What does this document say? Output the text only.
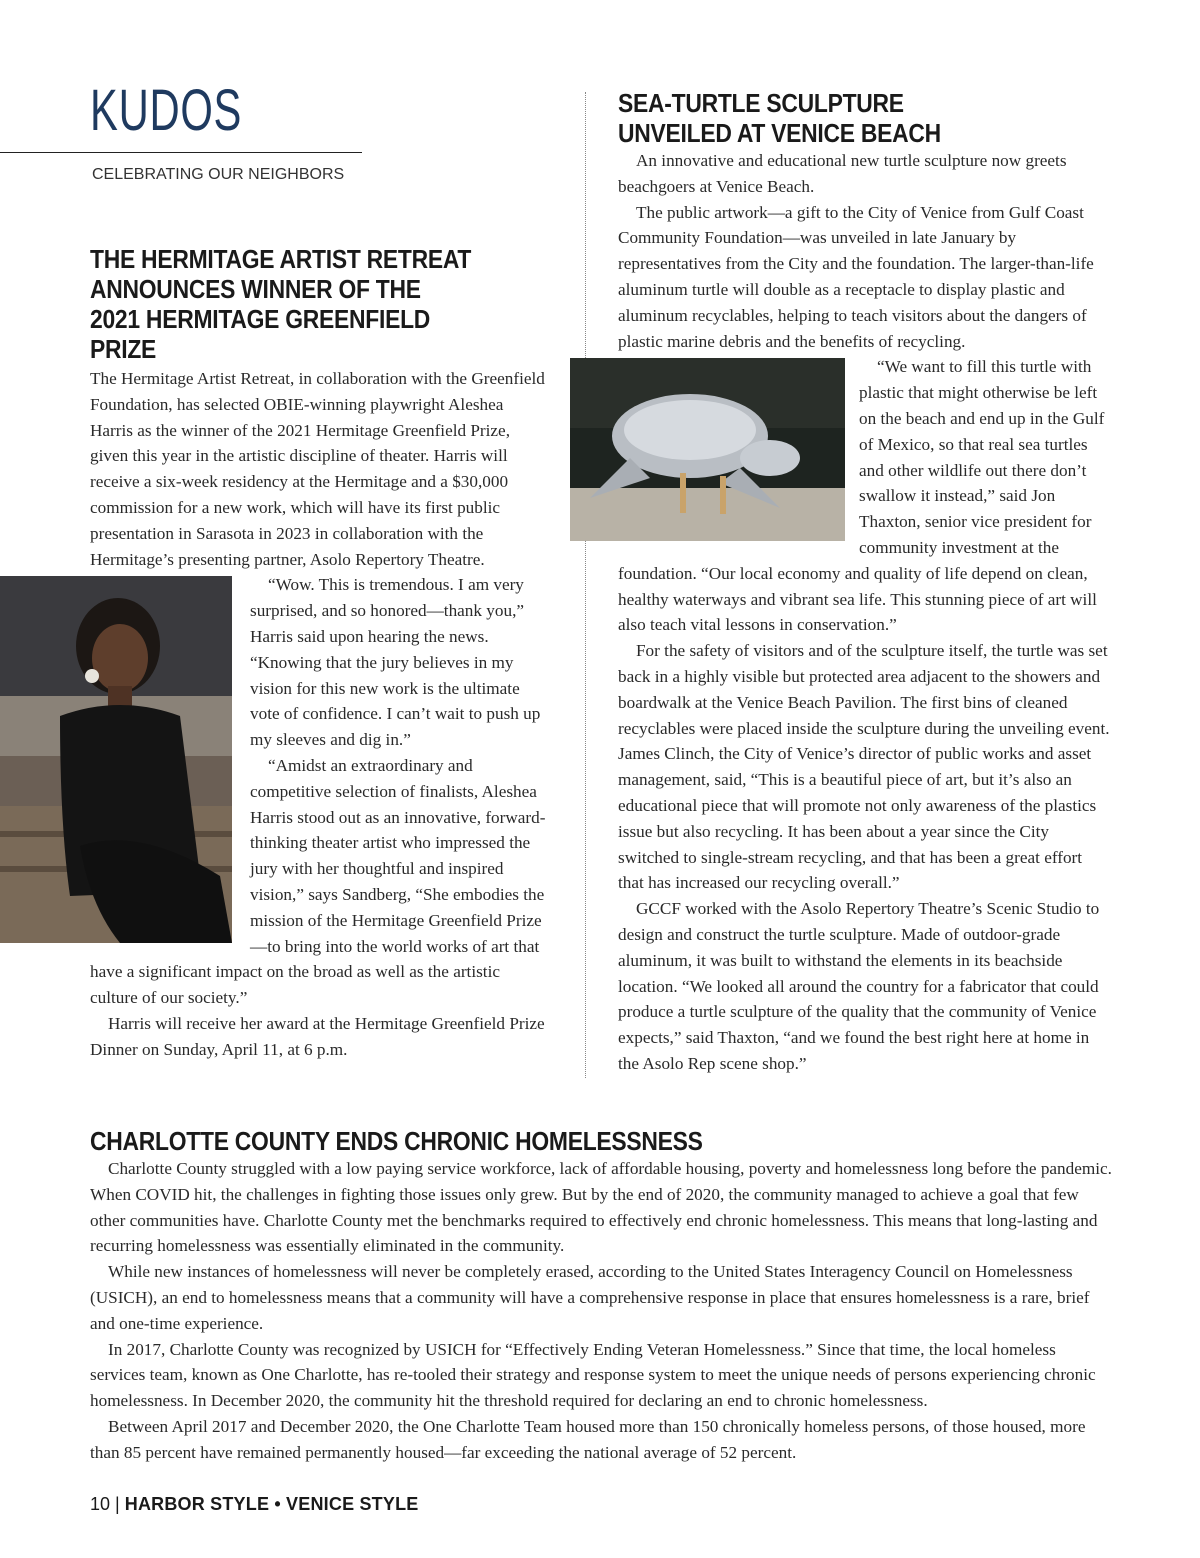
KUDOS
CELEBRATING OUR NEIGHBORS
THE HERMITAGE ARTIST RETREAT
ANNOUNCES WINNER OF THE
2021 HERMITAGE GREENFIELD PRIZE

The Hermitage Artist Retreat, in collaboration with the Greenfield Foundation, has selected OBIE-winning playwright Aleshea Harris as the winner of the 2021 Hermitage Greenfield Prize, given this year in the artistic discipline of theater. Harris will receive a six-week residency at the Hermitage and a $30,000 commission for a new work, which will have its first public presentation in Sarasota in 2023 in collaboration with the Hermitage’s presenting partner, Asolo Repertory Theatre.

“Wow. This is tremendous. I am very surprised, and so honored—thank you,” Harris said upon hearing the news. “Knowing that the jury believes in my vision for this new work is the ultimate vote of confidence. I can’t wait to push up my sleeves and dig in.”

“Amidst an extraordinary and competitive selection of finalists, Aleshea Harris stood out as an innovative, forward-thinking theater artist who impressed the jury with her thoughtful and inspired vision,” says Sandberg, “She embodies the mission of the Hermitage Greenfield Prize—to bring into the world works of art that have a significant impact on the broad as well as the artistic culture of our society.”

Harris will receive her award at the Hermitage Greenfield Prize Dinner on Sunday, April 11, at 6 p.m.

SEA-TURTLE SCULPTURE
UNVEILED AT VENICE BEACH

An innovative and educational new turtle sculpture now greets beachgoers at Venice Beach.

The public artwork—a gift to the City of Venice from Gulf Coast Community Foundation—was unveiled in late January by representatives from the City and the foundation. The larger-than-life aluminum turtle will double as a receptacle to display plastic and aluminum recyclables, helping to teach visitors about the dangers of plastic marine debris and the benefits of recycling.

“We want to fill this turtle with plastic that might otherwise be left on the beach and end up in the Gulf of Mexico, so that real sea turtles and other wildlife out there don’t swallow it instead,” said Jon Thaxton, senior vice president for community investment at the foundation. “Our local economy and quality of life depend on clean, healthy waterways and vibrant sea life. This stunning piece of art will also teach vital lessons in conservation.”

For the safety of visitors and of the sculpture itself, the turtle was set back in a highly visible but protected area adjacent to the showers and boardwalk at the Venice Beach Pavilion. The first bins of cleaned recyclables were placed inside the sculpture during the unveiling event. James Clinch, the City of Venice’s director of public works and asset management, said, “This is a beautiful piece of art, but it’s also an educational piece that will promote not only awareness of the plastics issue but also recycling. It has been about a year since the City switched to single-stream recycling, and that has been a great effort that has increased our recycling overall.”

GCCF worked with the Asolo Repertory Theatre’s Scenic Studio to design and construct the turtle sculpture. Made of outdoor-grade aluminum, it was built to withstand the elements in its beachside location. “We looked all around the country for a fabricator that could produce a turtle sculpture of the quality that the community of Venice expects,” said Thaxton, “and we found the best right here at home in the Asolo Rep scene shop.”

CHARLOTTE COUNTY ENDS CHRONIC HOMELESSNESS

Charlotte County struggled with a low paying service workforce, lack of affordable housing, poverty and homelessness long before the pandemic. When COVID hit, the challenges in fighting those issues only grew. But by the end of 2020, the community managed to achieve a goal that few other communities have. Charlotte County met the benchmarks required to effectively end chronic homelessness. This means that long-lasting and recurring homelessness was essentially eliminated in the community.

While new instances of homelessness will never be completely erased, according to the United States Interagency Council on Homelessness (USICH), an end to homelessness means that a community will have a comprehensive response in place that ensures homelessness is a rare, brief and one-time experience.

In 2017, Charlotte County was recognized by USICH for “Effectively Ending Veteran Homelessness.” Since that time, the local homeless services team, known as One Charlotte, has re-tooled their strategy and response system to meet the unique needs of persons experiencing chronic homelessness. In December 2020, the community hit the threshold required for declaring an end to chronic homelessness.

Between April 2017 and December 2020, the One Charlotte Team housed more than 150 chronically homeless persons, of those housed, more than 85 percent have remained permanently housed—far exceeding the national average of 52 percent.

10 | HARBOR STYLE • VENICE STYLE
